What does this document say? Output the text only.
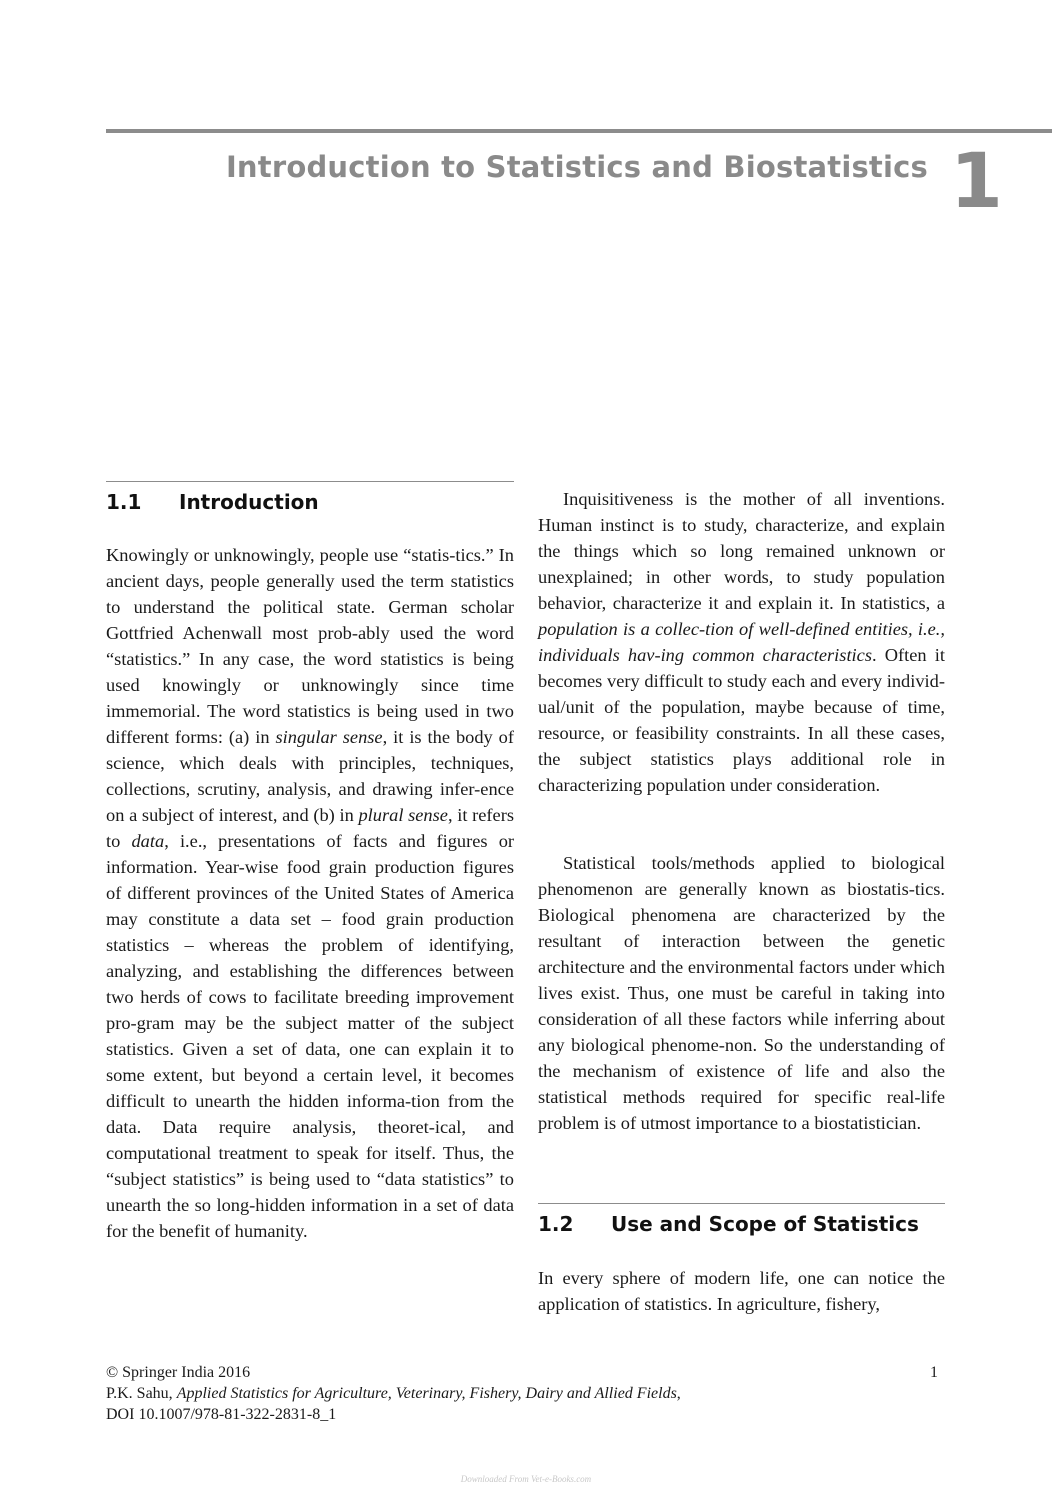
Introduction to Statistics and Biostatistics 1
1.1 Introduction

Knowingly or unknowingly, people use “statis-tics.” In ancient days, people generally used the term statistics to understand the political state. German scholar Gottfried Achenwall most prob-ably used the word “statistics.” In any case, the word statistics is being used knowingly or unknowingly since time immemorial. The word statistics is being used in two different forms: (a) in singular sense, it is the body of science, which deals with principles, techniques, collections, scrutiny, analysis, and drawing infer-ence on a subject of interest, and (b) in plural sense, it refers to data, i.e., presentations of facts and figures or information. Year-wise food grain production figures of different provinces of the United States of America may constitute a data set – food grain production statistics – whereas the problem of identifying, analyzing, and establishing the differences between two herds of cows to facilitate breeding improvement pro-gram may be the subject matter of the subject statistics. Given a set of data, one can explain it to some extent, but beyond a certain level, it becomes difficult to unearth the hidden informa-tion from the data. Data require analysis, theoret-ical, and computational treatment to speak for itself. Thus, the “subject statistics” is being used to “data statistics” to unearth the so long-hidden information in a set of data for the benefit of humanity.

Inquisitiveness is the mother of all inventions. Human instinct is to study, characterize, and explain the things which so long remained unknown or unexplained; in other words, to study population behavior, characterize it and explain it. In statistics, a population is a collec-tion of well-defined entities, i.e., individuals hav-ing common characteristics. Often it becomes very difficult to study each and every individ-ual/unit of the population, maybe because of time, resource, or feasibility constraints. In all these cases, the subject statistics plays additional role in characterizing population under consideration.

Statistical tools/methods applied to biological phenomenon are generally known as biostatis-tics. Biological phenomena are characterized by the resultant of interaction between the genetic architecture and the environmental factors under which lives exist. Thus, one must be careful in taking into consideration of all these factors while inferring about any biological phenome-non. So the understanding of the mechanism of existence of life and also the statistical methods required for specific real-life problem is of utmost importance to a biostatistician.

1.2 Use and Scope of Statistics

In every sphere of modern life, one can notice the application of statistics. In agriculture, fishery,

© Springer India 2016

P.K. Sahu, Applied Statistics for Agriculture, Veterinary, Fishery, Dairy and Allied Fields,

DOI 10.1007/978-81-322-2831-8_1

1
Downloaded From Vet-e-Books.com
